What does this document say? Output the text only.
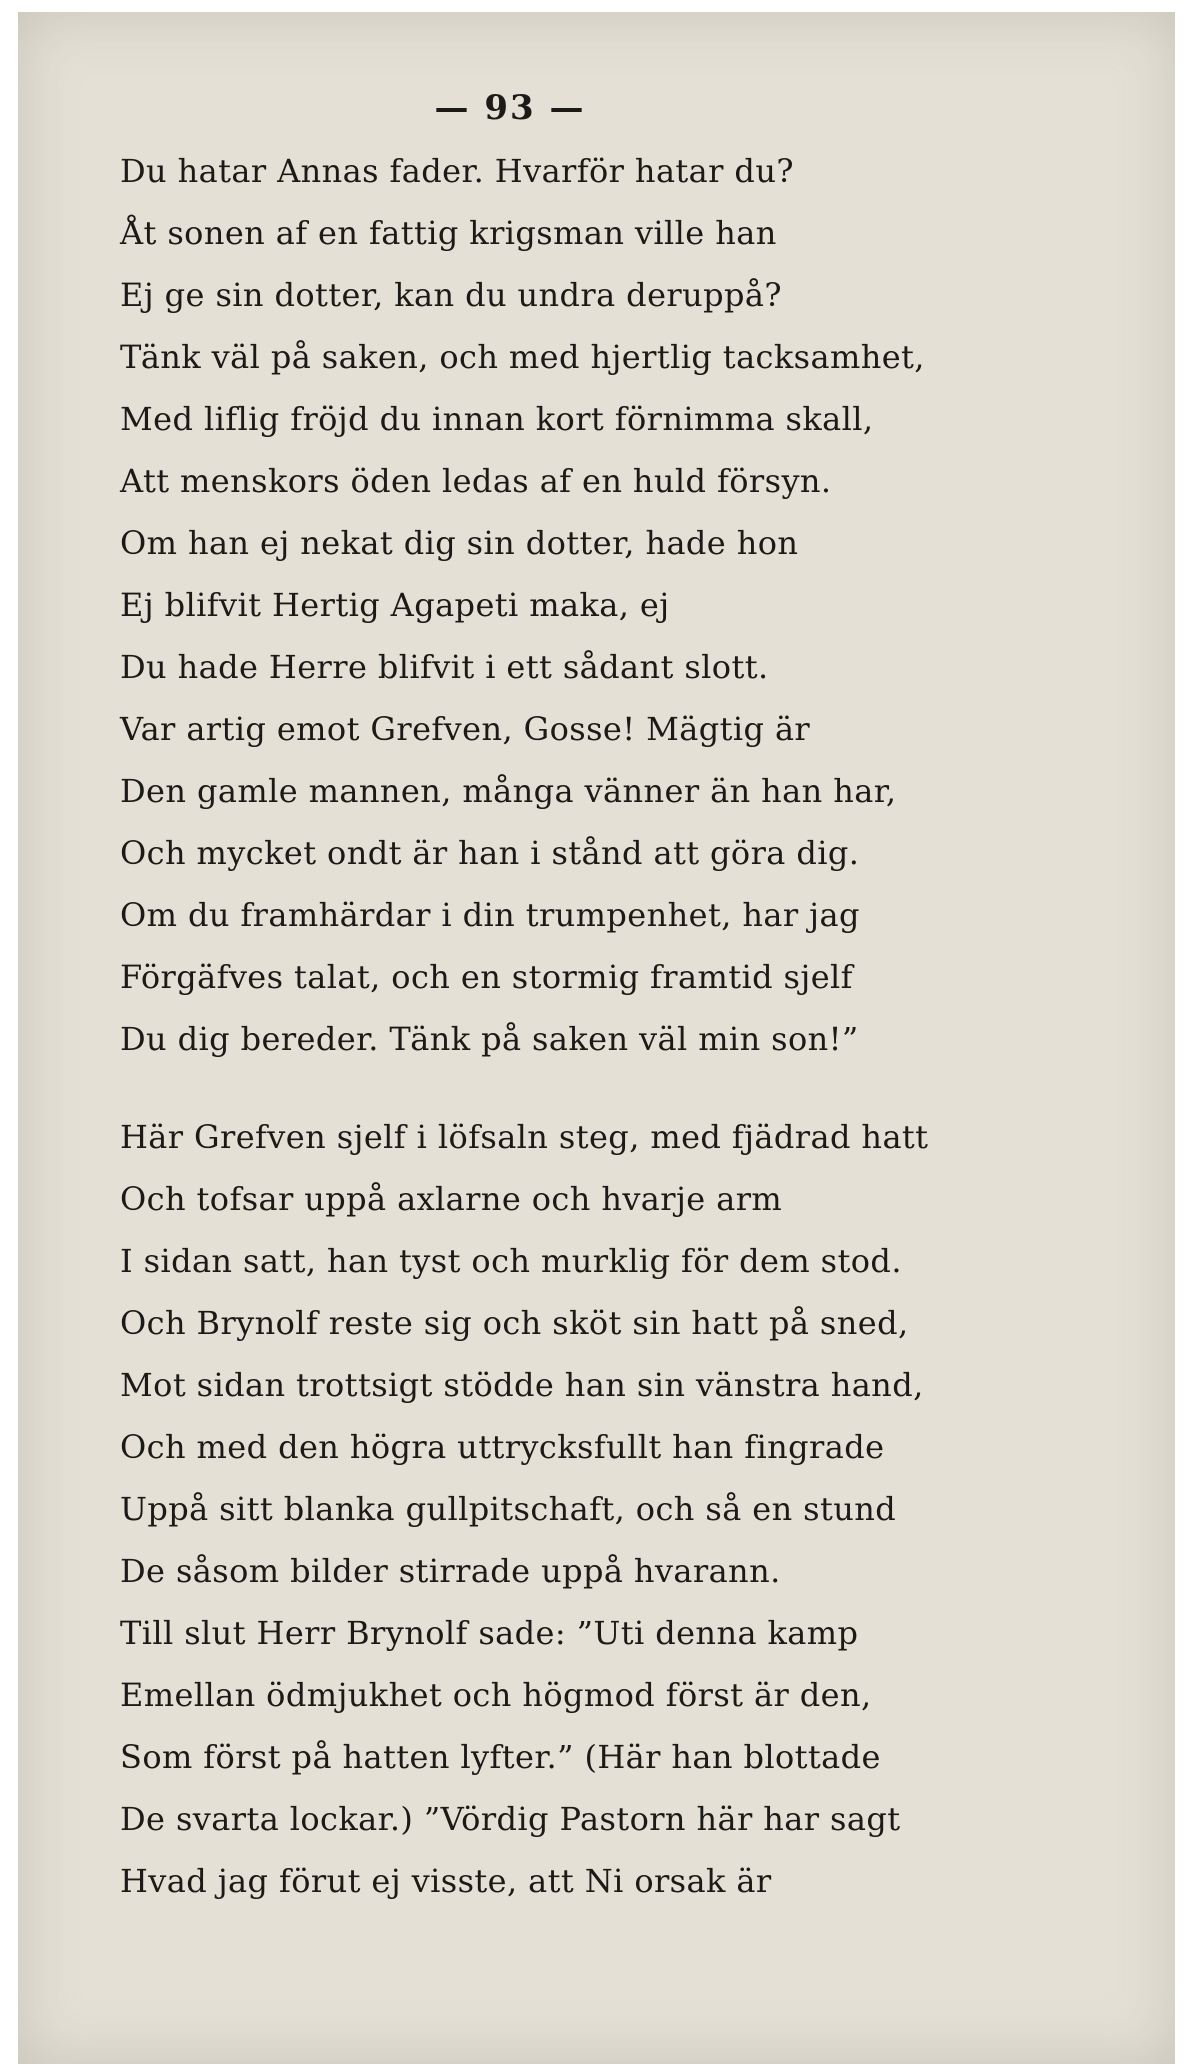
— 93 —
Du hatar Annas fader. Hvarför hatar du?
Åt sonen af en fattig krigsman ville han
Ej ge sin dotter, kan du undra deruppå?
Tänk väl på saken, och med hjertlig tacksamhet,
Med liflig fröjd du innan kort förnimma skall,
Att menskors öden ledas af en huld försyn.
Om han ej nekat dig sin dotter, hade hon
Ej blifvit Hertig Agapeti maka, ej
Du hade Herre blifvit i ett sådant slott.
Var artig emot Grefven, Gosse! Mägtig är
Den gamle mannen, många vänner än han har,
Och mycket ondt är han i stånd att göra dig.
Om du framhärdar i din trumpenhet, har jag
Förgäfves talat, och en stormig framtid sjelf
Du dig bereder. Tänk på saken väl min son!”
Här Grefven sjelf i löfsaln steg, med fjädrad hatt
Och tofsar uppå axlarne och hvarje arm
I sidan satt, han tyst och murklig för dem stod.
Och Brynolf reste sig och sköt sin hatt på sned,
Mot sidan trottsigt stödde han sin vänstra hand,
Och med den högra uttrycksfullt han fingrade
Uppå sitt blanka gullpitschaft, och så en stund
De såsom bilder stirrade uppå hvarann.
Till slut Herr Brynolf sade: ”Uti denna kamp
Emellan ödmjukhet och högmod först är den,
Som först på hatten lyfter.” (Här han blottade
De svarta lockar.) ”Vördig Pastorn här har sagt
Hvad jag förut ej visste, att Ni orsak är
